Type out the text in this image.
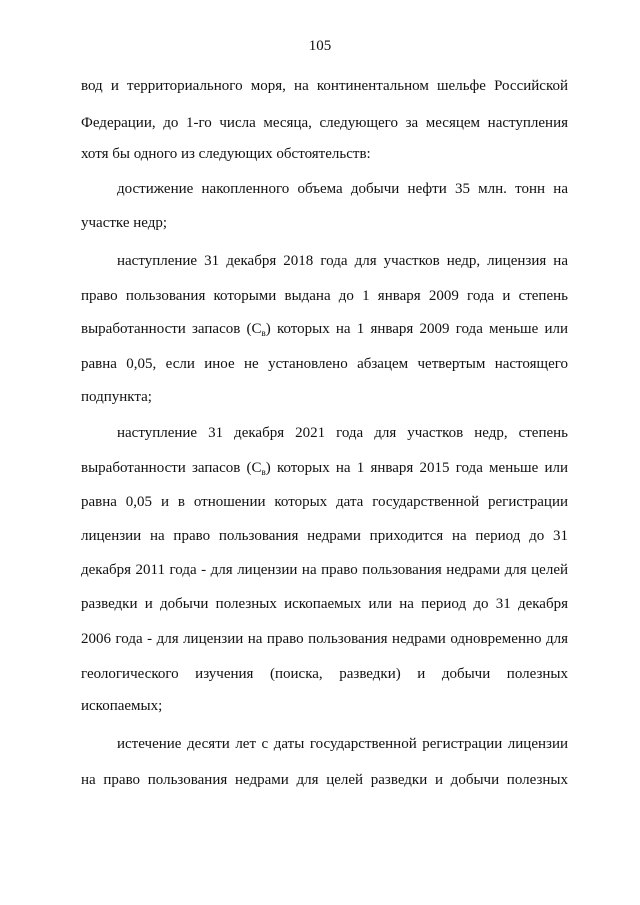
105
вод и территориального моря, на континентальном шельфе Российской
Федерации, до 1-го числа месяца, следующего за месяцем наступления
хотя бы одного из следующих обстоятельств:
достижение накопленного объема добычи нефти 35 млн. тонн на
участке недр;
наступление 31 декабря 2018 года для участков недр, лицензия на
право пользования которыми выдана до 1 января 2009 года и степень
выработанности запасов $(С_в)$ которых на 1 января 2009 года меньше или
равна 0,05, если иное не установлено абзацем четвертым настоящего
подпункта;
наступление 31 декабря 2021 года для участков недр, степень
выработанности запасов $(С_в)$ которых на 1 января 2015 года меньше или
равна 0,05 и в отношении которых дата государственной регистрации
лицензии на право пользования недрами приходится на период до 31
декабря 2011 года - для лицензии на право пользования недрами для целей
разведки и добычи полезных ископаемых или на период до 31 декабря
2006 года - для лицензии на право пользования недрами одновременно для
геологического изучения (поиска, разведки) и добычи полезных
ископаемых;
истечение десяти лет с даты государственной регистрации лицензии
на право пользования недрами для целей разведки и добычи полезных
